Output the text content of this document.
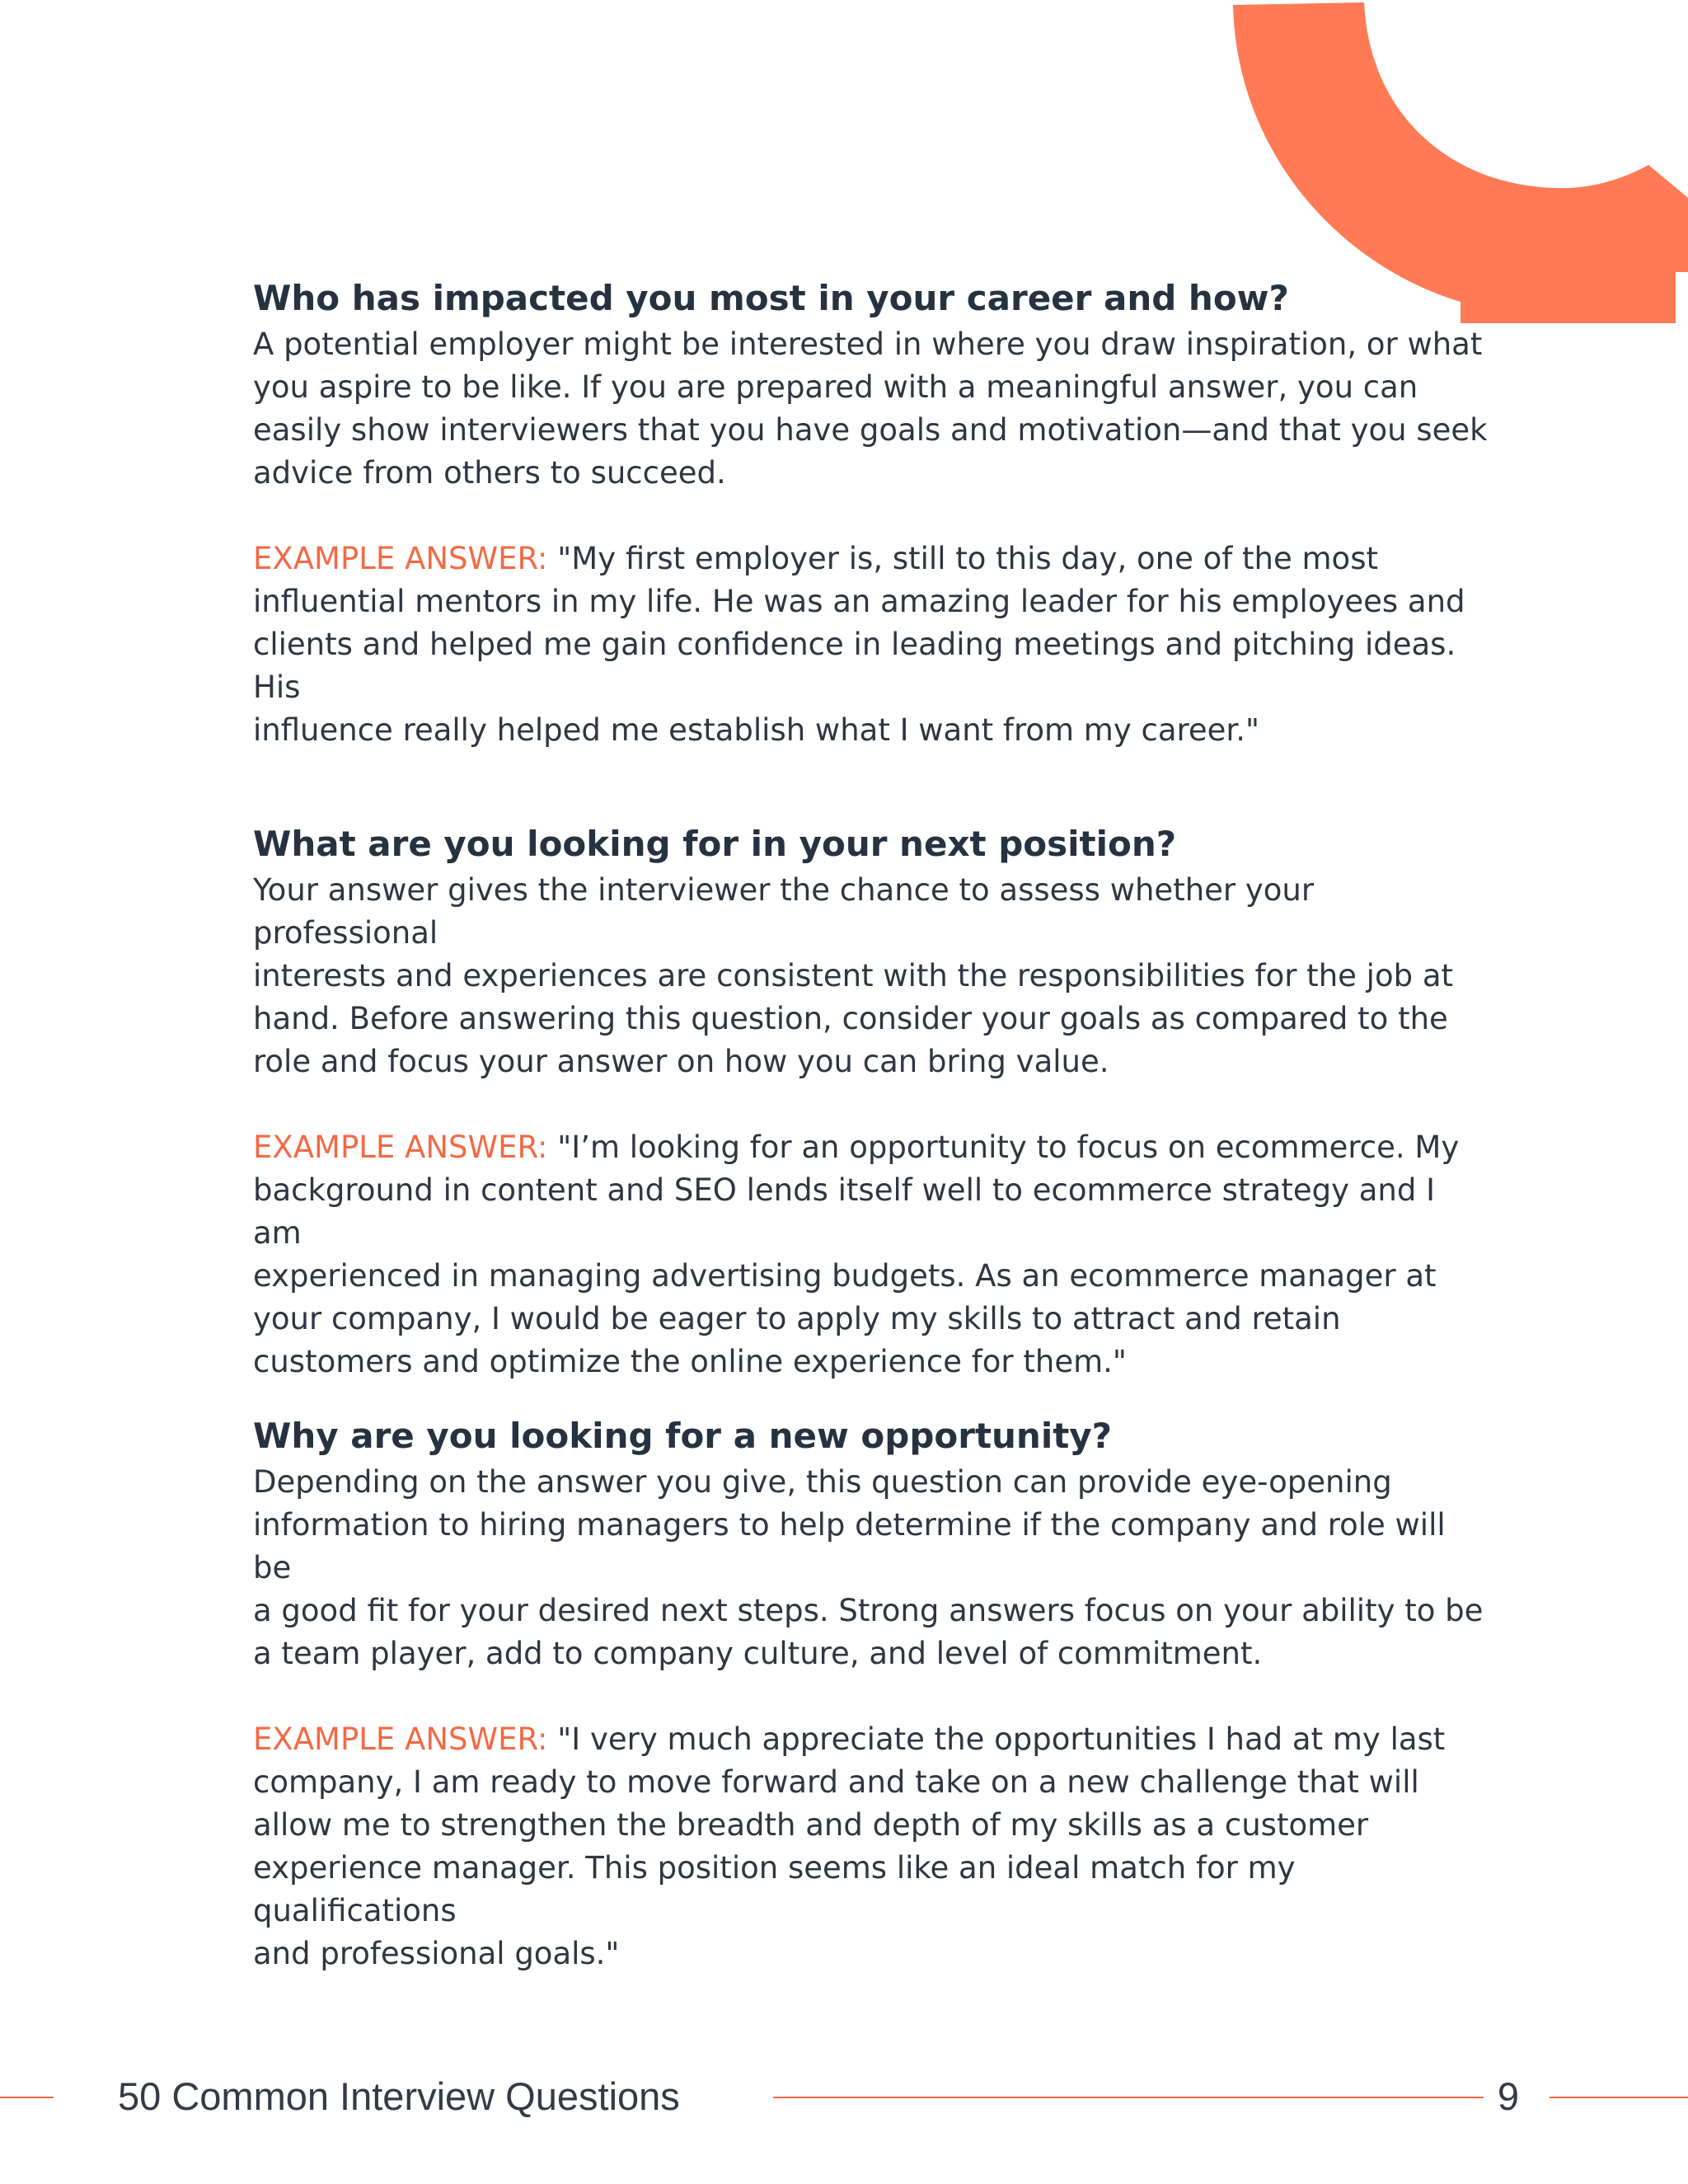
Who has impacted you most in your career and how?

A potential employer might be interested in where you draw inspiration, or what
you aspire to be like. If you are prepared with a meaningful answer, you can
easily show interviewers that you have goals and motivation—and that you seek
advice from others to succeed.

EXAMPLE ANSWER: "My first employer is, still to this day, one of the most
influential mentors in my life. He was an amazing leader for his employees and
clients and helped me gain confidence in leading meetings and pitching ideas. His
influence really helped me establish what I want from my career."

What are you looking for in your next position?

Your answer gives the interviewer the chance to assess whether your professional
interests and experiences are consistent with the responsibilities for the job at
hand. Before answering this question, consider your goals as compared to the
role and focus your answer on how you can bring value.

EXAMPLE ANSWER: "I’m looking for an opportunity to focus on ecommerce. My
background in content and SEO lends itself well to ecommerce strategy and I am
experienced in managing advertising budgets. As an ecommerce manager at
your company, I would be eager to apply my skills to attract and retain
customers and optimize the online experience for them."

Why are you looking for a new opportunity?

Depending on the answer you give, this question can provide eye-opening
information to hiring managers to help determine if the company and role will be
a good fit for your desired next steps. Strong answers focus on your ability to be
a team player, add to company culture, and level of commitment.

EXAMPLE ANSWER: "I very much appreciate the opportunities I had at my last
company, I am ready to move forward and take on a new challenge that will
allow me to strengthen the breadth and depth of my skills as a customer
experience manager. This position seems like an ideal match for my qualifications
and professional goals."

50 Common Interview Questions	9
